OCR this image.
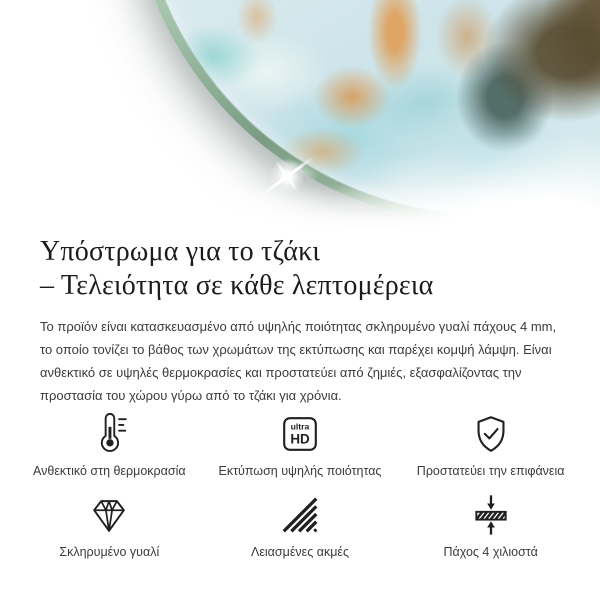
Υπόστρωμα για το τζάκι
– Τελειότητα σε κάθε λεπτομέρεια
Το προϊόν είναι κατασκευασμένο από υψηλής ποιότητας σκληρυμένο γυαλί πάχους 4 mm,
το οποίο τονίζει το βάθος των χρωμάτων της εκτύπωσης και παρέχει κομψή λάμψη. Είναι
ανθεκτικό σε υψηλές θερμοκρασίες και προστατεύει από ζημιές, εξασφαλίζοντας την
προστασία του χώρου γύρω από το τζάκι για χρόνια.
Ανθεκτικό στη θερμοκρασία
ultra
HD
Εκτύπωση υψηλής ποιότητας	Προστατεύει την επιφάνεια
Σκληρυμένο γυαλί	Λειασμένες ακμές	Πάχος 4 χιλιοστά
